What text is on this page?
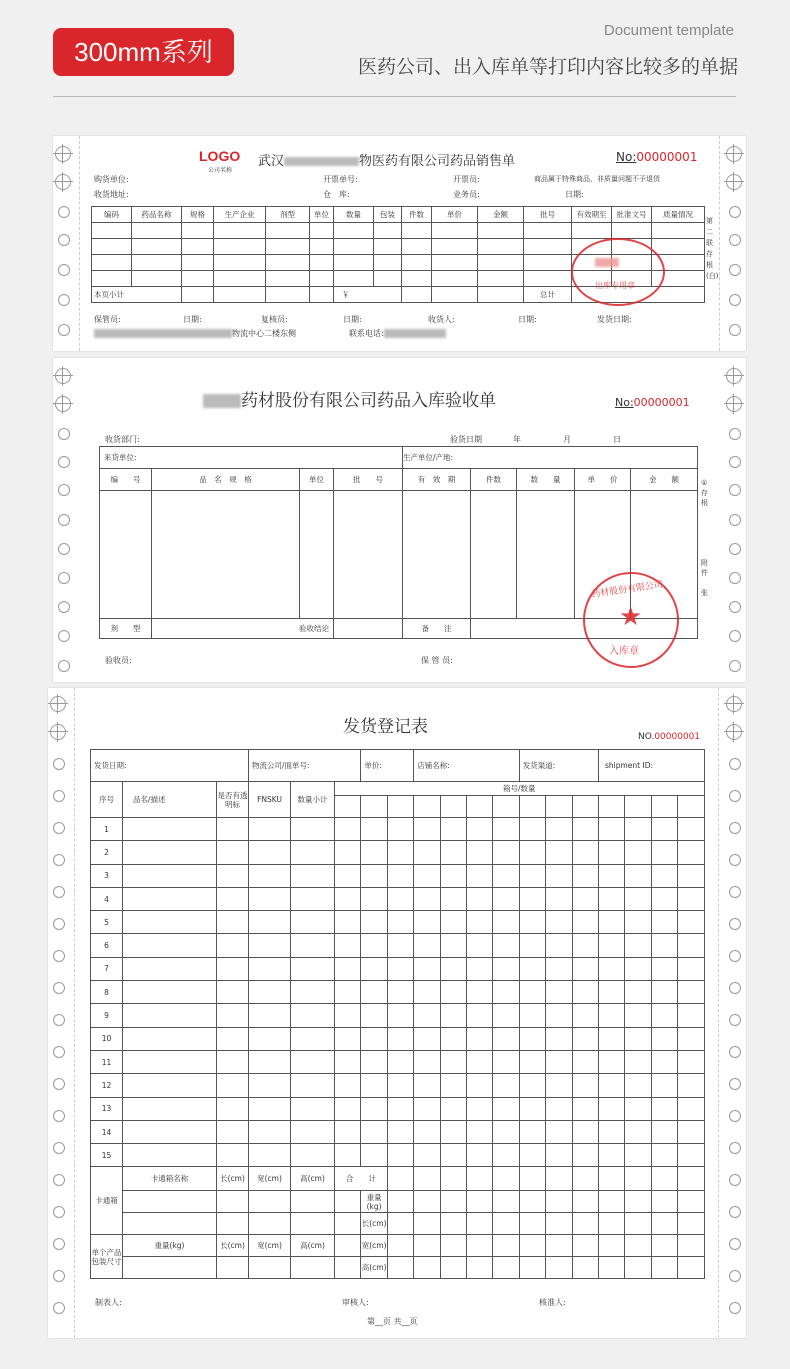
300mm系列
Document template
医药公司、出入库单等打印内容比较多的单据
LOGO
公司名称
武汉	物医药有限公司药品销售单	No:00000001
购货单位:	开票单号:	开票员:	商品属于特殊商品，非质量问题不予退货
收货地址:	仓　库:	业务员:	日期:
编码	药品名称	规格	生产企业	剂型	单位	数量	包装	件数	单价	金额	批号	有效期至	批准文号	质量情况

本页小计						￥					总计			
第二联存根(白)
出库专用章
保管员:	日期:	复核员:	日期:	收货人:	日期:	发货日期:
物流中心二楼东侧	联系电话:
药材股份有限公司药品入库验收单	No:00000001
收货部门:	验货日期	年	月	日
来货单位:				生产单位/产地:				
编　　号	品　名　规　格	单位	批　　号	有　效　期	件数	数　　量	单　　价	金　　额

剂　　型	验收结论			备　　注				
①存根

附件

张
药材股份有限公司
★
入库章
验收员:	保 管 员:
发货登记表	NO.00000001
发货日期:			物流公司/面单号:			单价:		店铺名称:				发货渠道:			shipment ID:				
序号	品名/描述	是否有透明标	FNSKU	数量小计	箱号/数量														

1																			
2																			
3																			
4																			
5																			
6																			
7																			
8																			
9																			
10																			
11																			
12																			
13																			
14																			
15																			
卡通箱	卡通箱名称	长(cm)	宽(cm)	高(cm)	合　　计														
						重量(kg)													
						长(cm)													
单个产品包装尺寸	重量(kg)	长(cm)	宽(cm)	高(cm)		宽(cm)													
						高(cm)													
制表人:	审核人:	核准人:
第__页 共__页
